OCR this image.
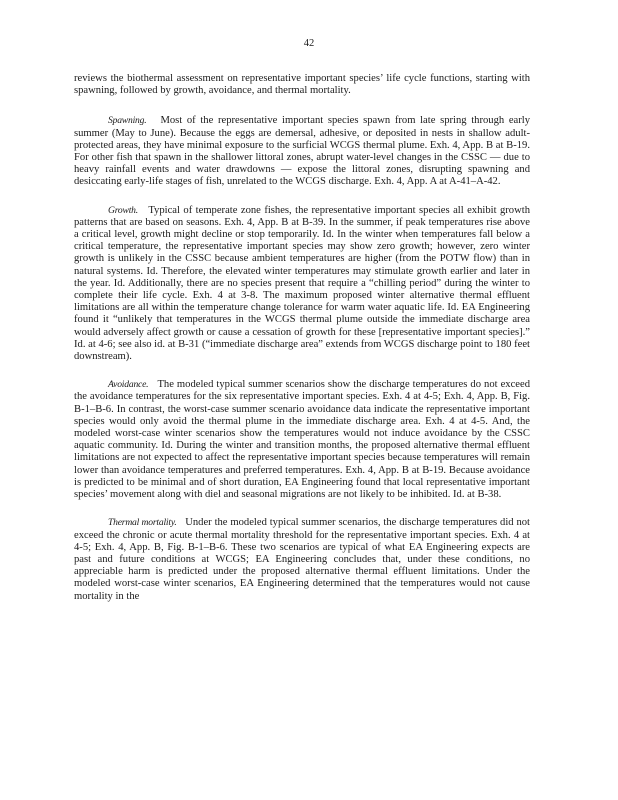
42

reviews the biothermal assessment on representative important species’ life cycle functions, starting with spawning, followed by growth, avoidance, and thermal mortality.

Spawning. Most of the representative important species spawn from late spring through early summer (May to June). Because the eggs are demersal, adhesive, or deposited in nests in shallow adult-protected areas, they have minimal exposure to the surficial WCGS thermal plume. Exh. 4, App. B at B-19. For other fish that spawn in the shallower littoral zones, abrupt water-level changes in the CSSC — due to heavy rainfall events and water drawdowns — expose the littoral zones, disrupting spawning and desiccating early-life stages of fish, unrelated to the WCGS discharge. Exh. 4, App. A at A-41–A-42.

Growth. Typical of temperate zone fishes, the representative important species all exhibit growth patterns that are based on seasons. Exh. 4, App. B at B-39. In the summer, if peak temperatures rise above a critical level, growth might decline or stop temporarily. Id. In the winter when temperatures fall below a critical temperature, the representative important species may show zero growth; however, zero winter growth is unlikely in the CSSC because ambient temperatures are higher (from the POTW flow) than in natural systems. Id. Therefore, the elevated winter temperatures may stimulate growth earlier and later in the year. Id. Additionally, there are no species present that require a “chilling period” during the winter to complete their life cycle. Exh. 4 at 3-8. The maximum proposed winter alternative thermal effluent limitations are all within the temperature change tolerance for warm water aquatic life. Id. EA Engineering found it “unlikely that temperatures in the WCGS thermal plume outside the immediate discharge area would adversely affect growth or cause a cessation of growth for these [representative important species].” Id. at 4-6; see also id. at B-31 (“immediate discharge area” extends from WCGS discharge point to 180 feet downstream).

Avoidance. The modeled typical summer scenarios show the discharge temperatures do not exceed the avoidance temperatures for the six representative important species. Exh. 4 at 4-5; Exh. 4, App. B, Fig. B-1–B-6. In contrast, the worst-case summer scenario avoidance data indicate the representative important species would only avoid the thermal plume in the immediate discharge area. Exh. 4 at 4-5. And, the modeled worst-case winter scenarios show the temperatures would not induce avoidance by the CSSC aquatic community. Id. During the winter and transition months, the proposed alternative thermal effluent limitations are not expected to affect the representative important species because temperatures will remain lower than avoidance temperatures and preferred temperatures. Exh. 4, App. B at B-19. Because avoidance is predicted to be minimal and of short duration, EA Engineering found that local representative important species’ movement along with diel and seasonal migrations are not likely to be inhibited. Id. at B-38.

Thermal mortality. Under the modeled typical summer scenarios, the discharge temperatures did not exceed the chronic or acute thermal mortality threshold for the representative important species. Exh. 4 at 4-5; Exh. 4, App. B, Fig. B-1–B-6. These two scenarios are typical of what EA Engineering expects are past and future conditions at WCGS; EA Engineering concludes that, under these conditions, no appreciable harm is predicted under the proposed alternative thermal effluent limitations. Under the modeled worst-case winter scenarios, EA Engineering determined that the temperatures would not cause mortality in the
